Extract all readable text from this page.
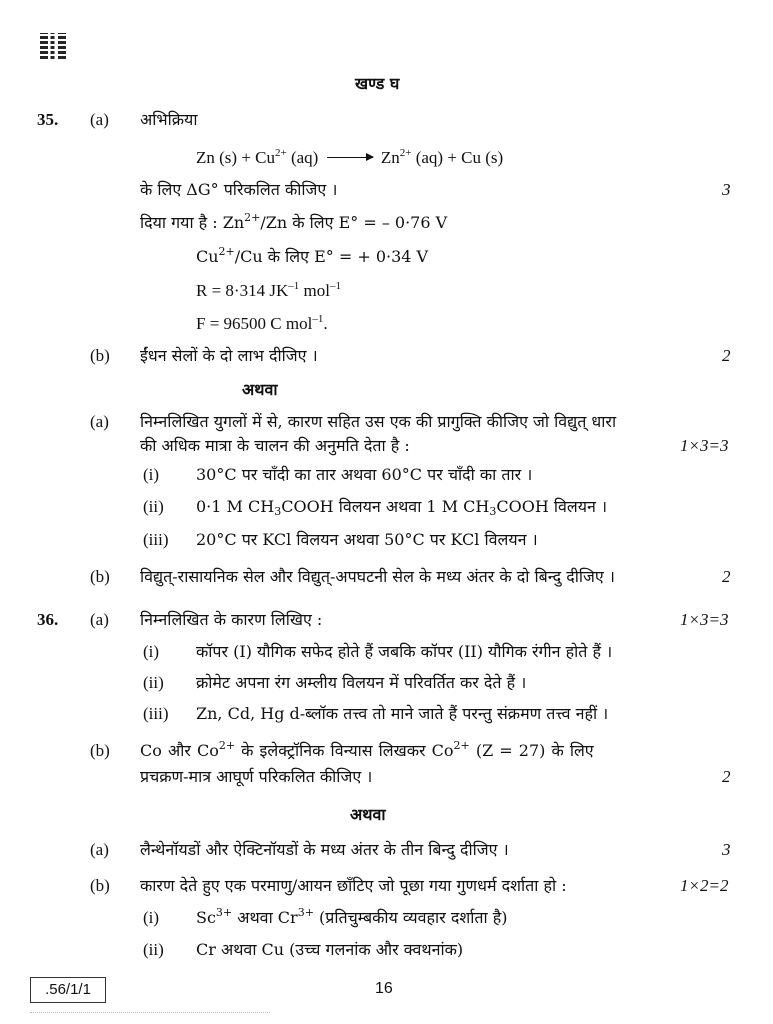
खण्ड घ
35. (a) अभिक्रिया
Zn $(s) + Cu^{2+}$ $(aq) \to Zn^{2+}$ (aq) + Cu (s)
के लिए ΔG° परिकलित कीजिए ।	3
दिया गया है : $Zn^{2+}/Zn$ के लिए E° = – 0·76 V
$Cu^{2+}/Cu$ के लिए E° = + 0·34 V
R = 8·314 $JK^{-1}$ mol$^{-1}$
F = 96500 C mol$^{-1}$.
(b) ईंधन सेलों के दो लाभ दीजिए ।	2
अथवा
(a) निम्नलिखित युगलों में से, कारण सहित उस एक की प्रागुक्ति कीजिए जो विद्युत् धारा
की अधिक मात्रा के चालन की अनुमति देता है :	1×3=3
(i) 30°C पर चाँदी का तार अथवा 60°C पर चाँदी का तार ।
(ii) 0·1 M $CH_3COOH$ विलयन अथवा 1 M $CH_3COOH$ विलयन ।
(iii) 20°C पर KCl विलयन अथवा 50°C पर KCl विलयन ।
(b) विद्युत्-रासायनिक सेल और विद्युत्-अपघटनी सेल के मध्य अंतर के दो बिन्दु दीजिए ।	2
36. (a) निम्नलिखित के कारण लिखिए :	1×3=3
(i) कॉपर (I) यौगिक सफेद होते हैं जबकि कॉपर (II) यौगिक रंगीन होते हैं ।
(ii) क्रोमेट अपना रंग अम्लीय विलयन में परिवर्तित कर देते हैं ।
(iii) Zn, Cd, Hg d-ब्लॉक तत्त्व तो माने जाते हैं परन्तु संक्रमण तत्त्व नहीं ।
(b) Co और $Co^{2+}$ के इलेक्ट्रॉनिक विन्यास लिखकर $Co^{2+}$ (Z = 27) के लिए
प्रचक्रण-मात्र आघूर्ण परिकलित कीजिए ।	2
अथवा
(a) लैन्थेनॉयडों और ऐक्टिनॉयडों के मध्य अंतर के तीन बिन्दु दीजिए ।	3
(b) कारण देते हुए एक परमाणु/आयन छाँटिए जो पूछा गया गुणधर्म दर्शाता हो :	1×2=2
(i) $Sc^{3+}$ अथवा $Cr^{3+}$ (प्रतिचुम्बकीय व्यवहार दर्शाता है)
(ii) Cr अथवा Cu (उच्च गलनांक और क्वथनांक)
.56/1/1	16
